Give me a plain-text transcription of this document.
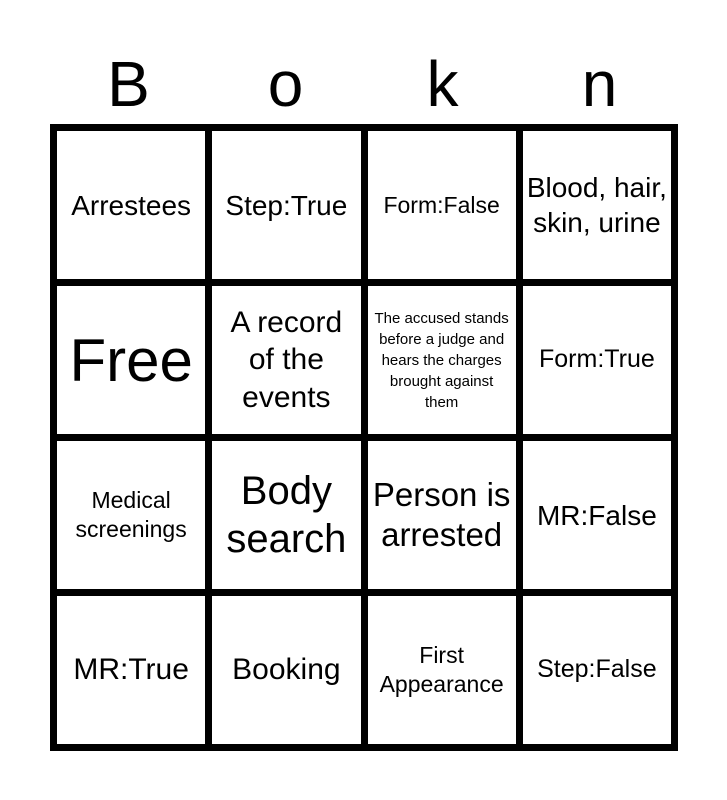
B	o	k	n
Arrestees Step:True Form:False
Blood, hair, skin, urine
Free
A record of the events
The accused stands before a judge and hears the charges brought against them
Form:True
Medical screenings
Body search
Person is arrested
MR:False
MR:True Booking	First Appearance
Step:False
